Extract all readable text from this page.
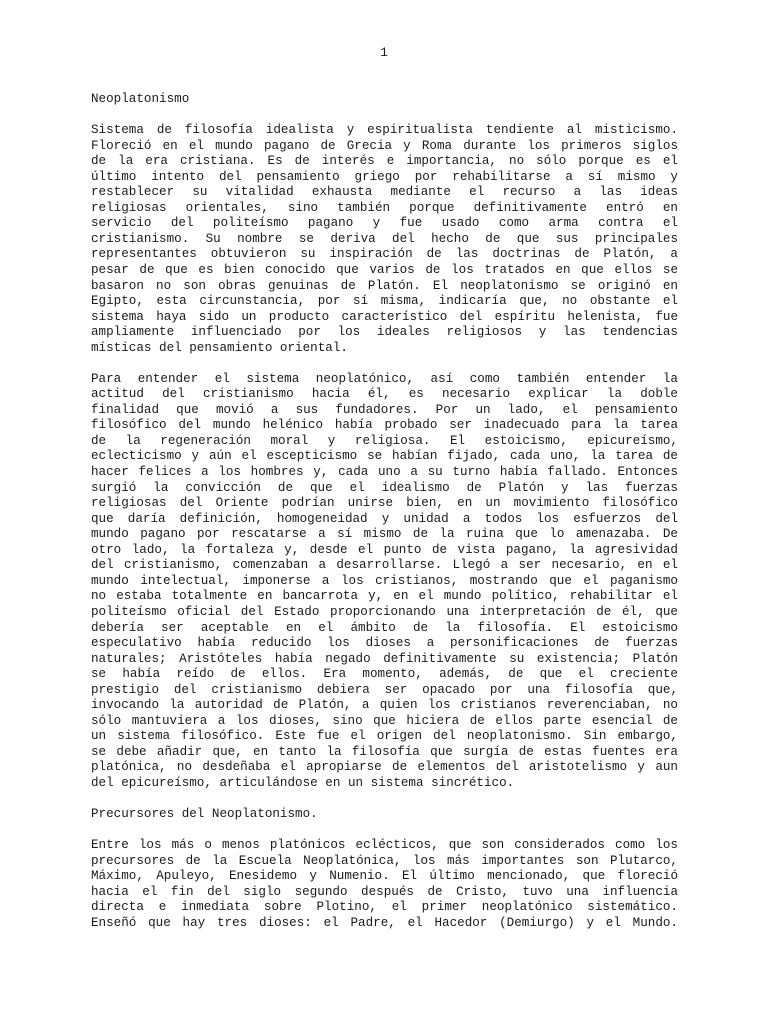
1
Neoplatonismo
Sistema de filosofía idealista y espiritualista tendiente al misticismo.
Floreció en el mundo pagano de Grecia y Roma durante los primeros siglos
de la era cristiana. Es de interés e importancia, no sólo porque es el
último intento del pensamiento griego por rehabilitarse a sí mismo y
restablecer su vitalidad exhausta mediante el recurso a las ideas
religiosas orientales, sino también porque definitivamente entró en
servicio del politeísmo pagano y fue usado como arma contra el
cristianismo. Su nombre se deriva del hecho de que sus principales
representantes obtuvieron su inspiración de las doctrinas de Platón, a
pesar de que es bien conocido que varios de los tratados en que ellos se
basaron no son obras genuinas de Platón. El neoplatonismo se originó en
Egipto, esta circunstancia, por sí misma, indicaría que, no obstante el
sistema haya sido un producto característico del espíritu helenista, fue
ampliamente influenciado por los ideales religiosos y las tendencias
místicas del pensamiento oriental.
Para entender el sistema neoplatónico, así como también entender la
actitud del cristianismo hacia él, es necesario explicar la doble
finalidad que movió a sus fundadores. Por un lado, el pensamiento
filosófico del mundo helénico había probado ser inadecuado para la tarea
de la regeneración moral y religiosa. El estoicismo, epicureísmo,
eclecticismo y aún el escepticismo se habían fijado, cada uno, la tarea de
hacer felices a los hombres y, cada uno a su turno había fallado. Entonces
surgió la convicción de que el idealismo de Platón y las fuerzas
religiosas del Oriente podrían unirse bien, en un movimiento filosófico
que daría definición, homogeneidad y unidad a todos los esfuerzos del
mundo pagano por rescatarse a sí mismo de la ruina que lo amenazaba. De
otro lado, la fortaleza y, desde el punto de vista pagano, la agresividad
del cristianismo, comenzaban a desarrollarse. Llegó a ser necesario, en el
mundo intelectual, imponerse a los cristianos, mostrando que el paganismo
no estaba totalmente en bancarrota y, en el mundo político, rehabilitar el
politeísmo oficial del Estado proporcionando una interpretación de él, que
debería ser aceptable en el ámbito de la filosofía. El estoicismo
especulativo había reducido los dioses a personificaciones de fuerzas
naturales; Aristóteles había negado definitivamente su existencia; Platón
se había reído de ellos. Era momento, además, de que el creciente
prestigio del cristianismo debiera ser opacado por una filosofía que,
invocando la autoridad de Platón, a quien los cristianos reverenciaban, no
sólo mantuviera a los dioses, sino que hiciera de ellos parte esencial de
un sistema filosófico. Este fue el origen del neoplatonismo. Sin embargo,
se debe añadir que, en tanto la filosofía que surgía de estas fuentes era
platónica, no desdeñaba el apropiarse de elementos del aristotelismo y aun
del epicureísmo, articulándose en un sistema sincrético.
Precursores del Neoplatonismo.
Entre los más o menos platónicos eclécticos, que son considerados como los
precursores de la Escuela Neoplatónica, los más importantes son Plutarco,
Máximo, Apuleyo, Enesidemo y Numenio. El último mencionado, que floreció
hacia el fin del siglo segundo después de Cristo, tuvo una influencia
directa e inmediata sobre Plotino, el primer neoplatónico sistemático.
Enseñó que hay tres dioses: el Padre, el Hacedor (Demiurgo) y el Mundo.
